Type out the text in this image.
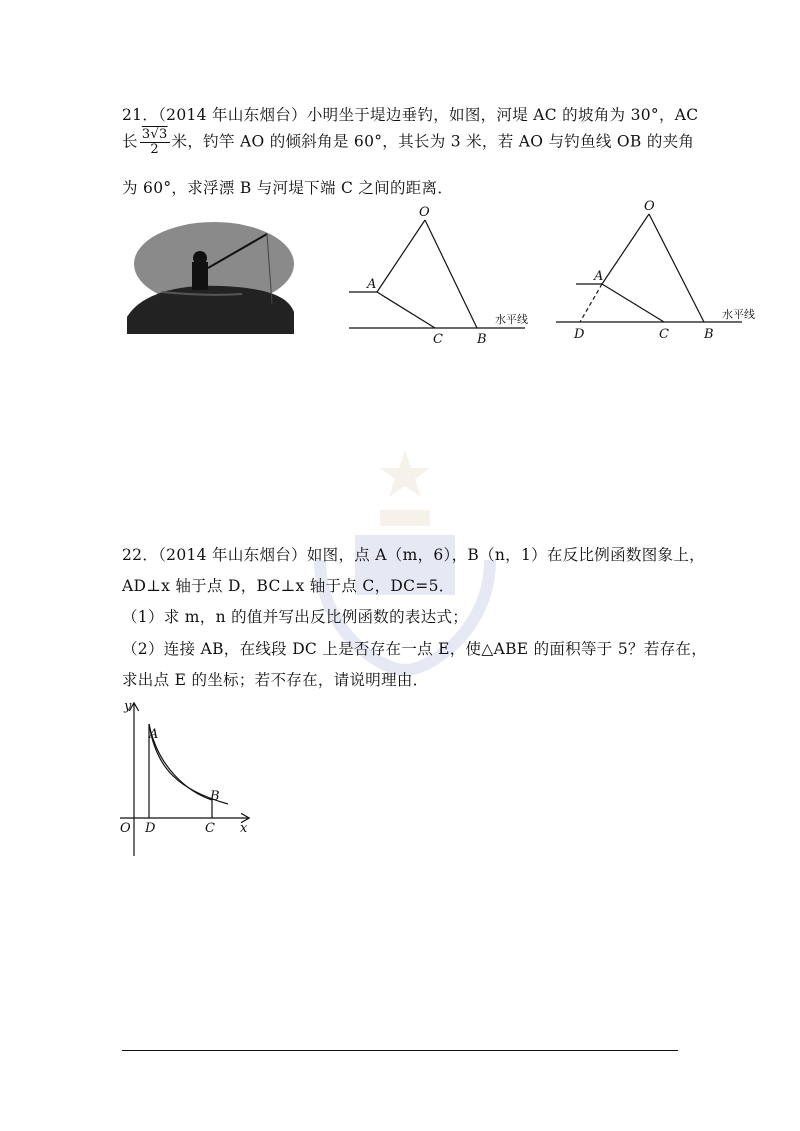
21．（2014 年山东烟台）小明坐于堤边垂钓，如图，河堤 AC 的坡角为 30°，AC
长 $\frac{3√3}{2}$ 米，钓竿 AO 的倾斜角是 60°，其长为 3 米，若 AO 与钓鱼线 OB 的夹角
为 60°，求浮漂 B 与河堤下端 C 之间的距离．
O
A
C	B
水平线
O
A
D	C	B
水平线
22．（2014 年山东烟台）如图，点 A（m，6），B（n，1）在反比例函数图象上，
AD⊥x 轴于点 D，BC⊥x 轴于点 C，DC=5．
（1）求 m，n 的值并写出反比例函数的表达式；
（2）连接 AB，在线段 DC 上是否存在一点 E，使△ABE 的面积等于 5？若存在，
求出点 E 的坐标；若不存在，请说明理由．
y
x
O D	C
A
B
